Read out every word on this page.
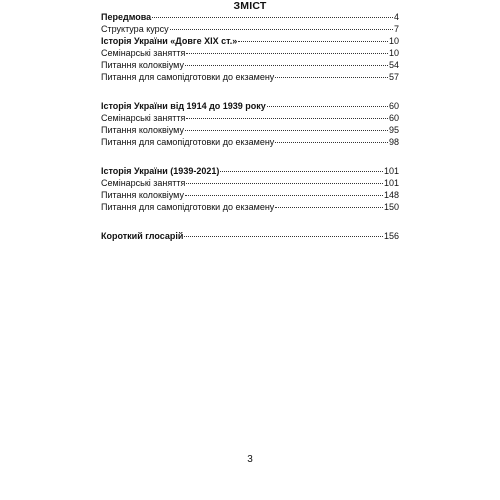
ЗМІСТ
Передмова	4
Структура курсу	7
Історія України «Довге ХІХ ст.»	10
Семінарські заняття	10
Питання колоквіуму	54
Питання для самопідготовки до екзамену	57
Історія України від 1914 до 1939 року	60
Семінарські заняття	60
Питання колоквіуму	95
Питання для самопідготовки до екзамену	98
Історія України (1939-2021)	101
Семінарські заняття	101
Питання колоквіуму	148
Питання для самопідготовки до екзамену	150
Короткий глосарій	156
3
